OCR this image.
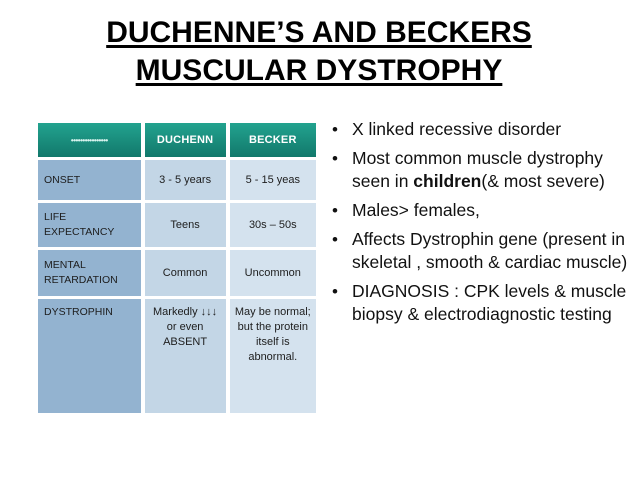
DUCHENNE’S AND BECKERS
MUSCULAR DYSTROPHY
••••••••••••••••	DUCHENN	BECKER
ONSET	3 - 5 years	5 - 15 yeas
LIFE EXPECTANCY	Teens	30s – 50s
MENTAL RETARDATION	Common	Uncommon
DYSTROPHIN	Markedly ↓↓↓ or even ABSENT	May be normal; but the protein itself is abnormal.
• X linked recessive disorder
• Most common muscle dystrophy seen in children(& most severe)
• Males> females,
• Affects Dystrophin gene (present in skeletal , smooth & cardiac muscle)
• DIAGNOSIS : CPK levels & muscle biopsy & electrodiagnostic testing
